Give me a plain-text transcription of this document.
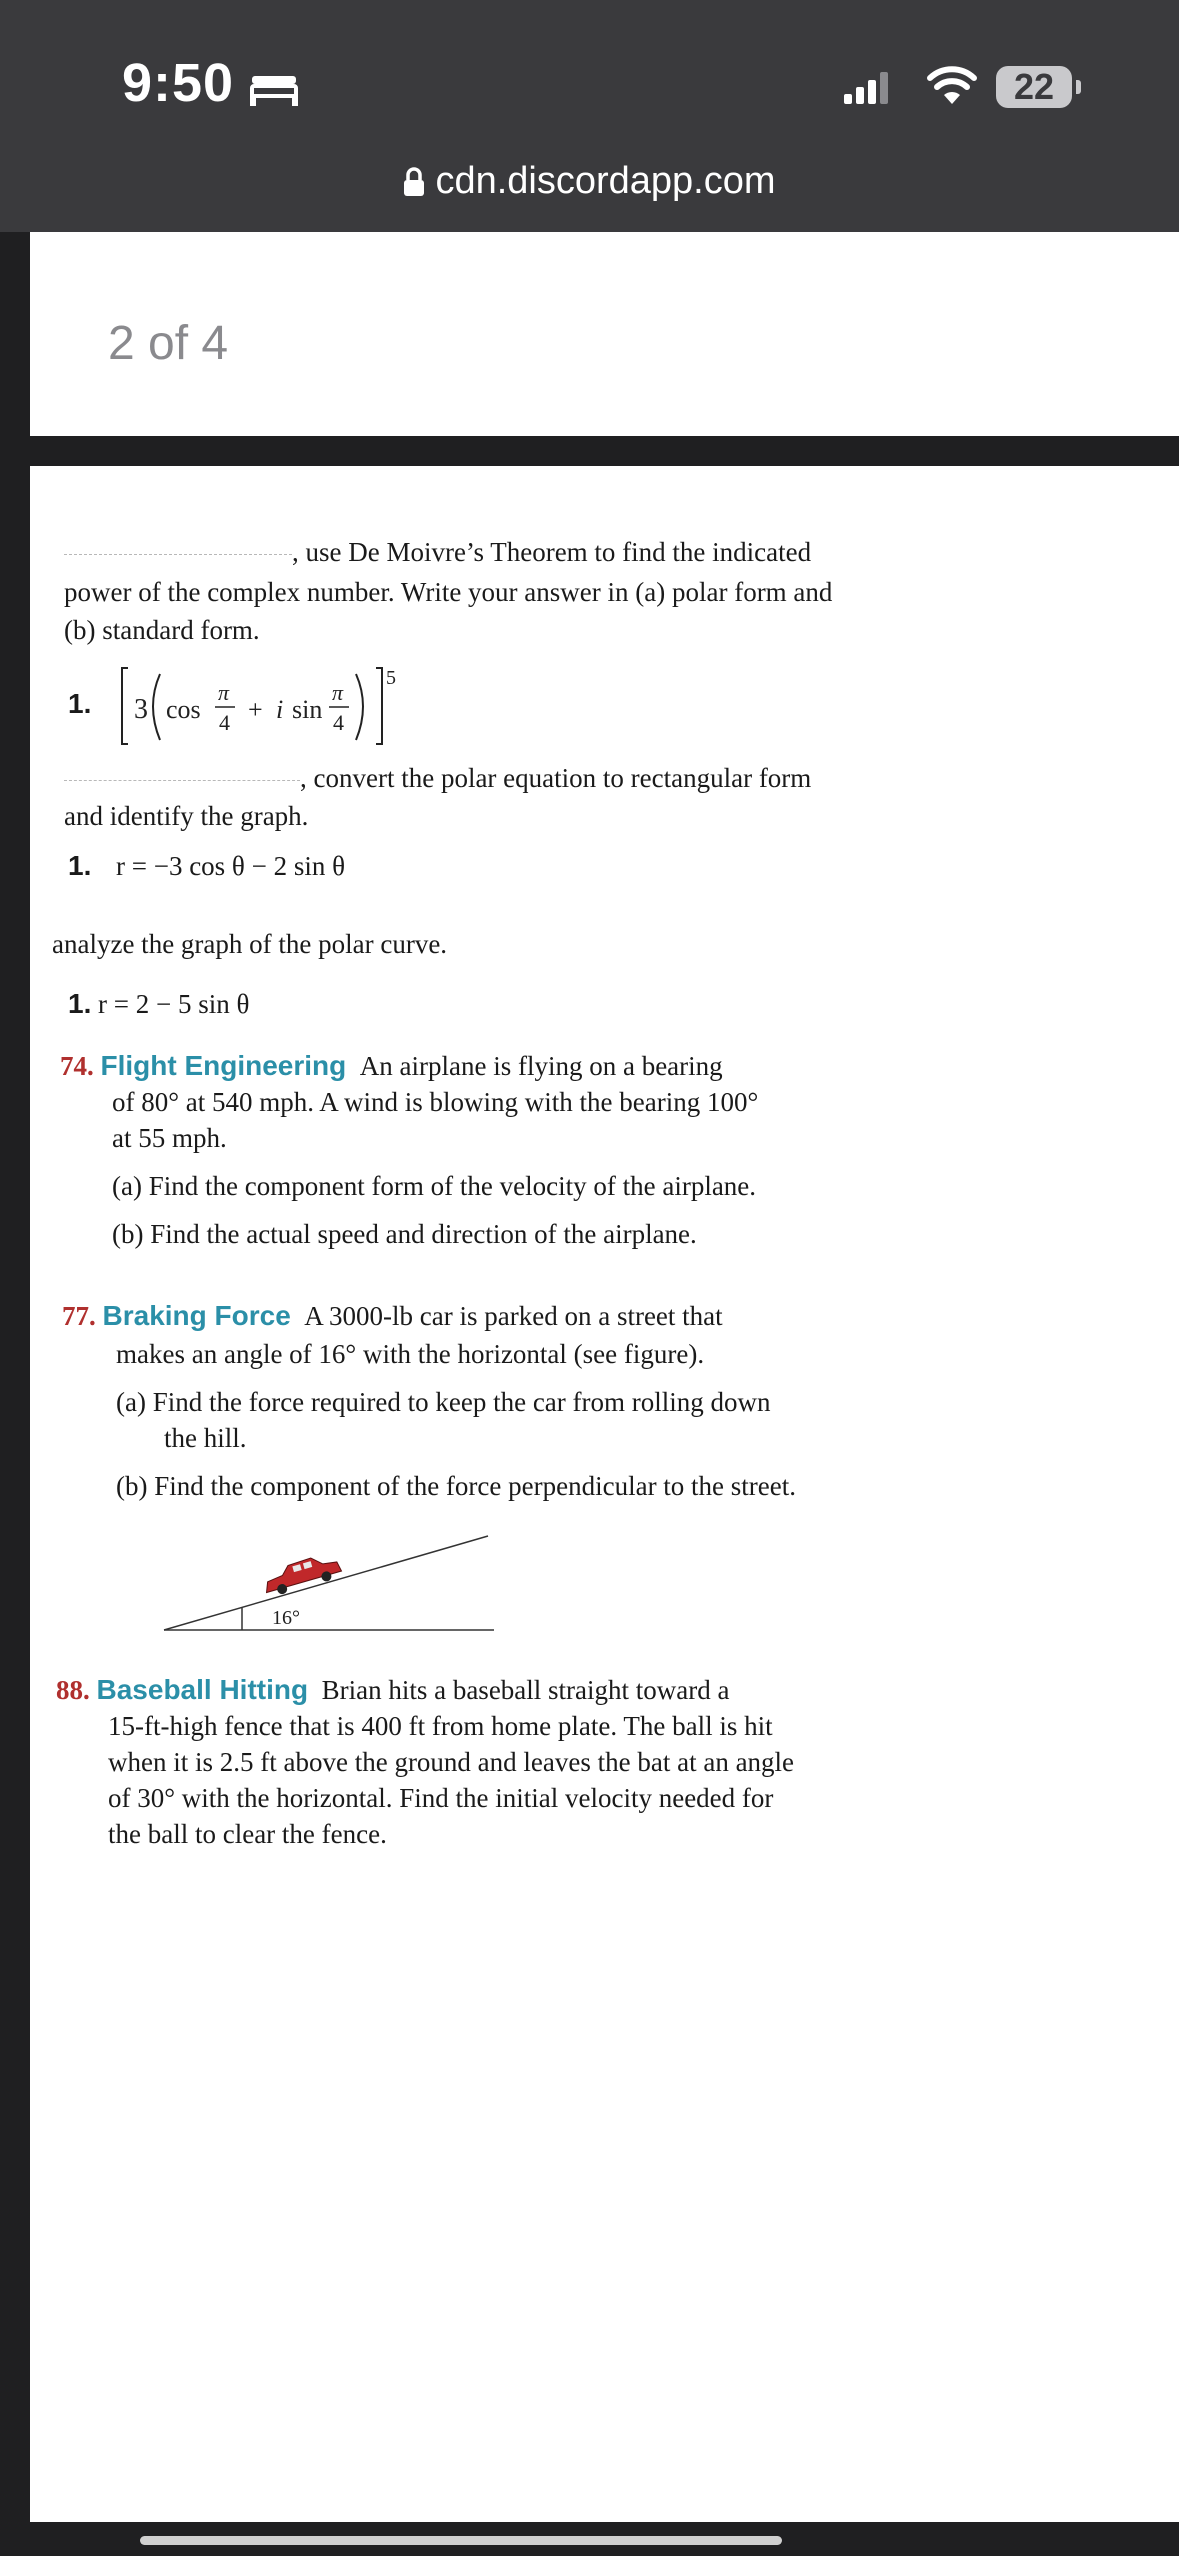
9:50	22
cdn.discordapp.com
2 of 4
, use De Moivre’s Theorem to find the indicated
power of the complex number. Write your answer in (a) polar form and
(b) standard form.
1. 3 cos
π
4 + i sin
π
4
5
, convert the polar equation to rectangular form
and identify the graph.
1. r = −3 cos θ − 2 sin θ
analyze the graph of the polar curve.
1. r = 2 − 5 sin θ
74. Flight Engineering An airplane is flying on a bearing
of 80° at 540 mph. A wind is blowing with the bearing 100°
at 55 mph.
(a) Find the component form of the velocity of the airplane.
(b) Find the actual speed and direction of the airplane.
77. Braking Force A 3000-lb car is parked on a street that
makes an angle of 16° with the horizontal (see figure).
(a) Find the force required to keep the car from rolling down
the hill.
(b) Find the component of the force perpendicular to the street.
16°
88. Baseball Hitting Brian hits a baseball straight toward a
15-ft-high fence that is 400 ft from home plate. The ball is hit
when it is 2.5 ft above the ground and leaves the bat at an angle
of 30° with the horizontal. Find the initial velocity needed for
the ball to clear the fence.
